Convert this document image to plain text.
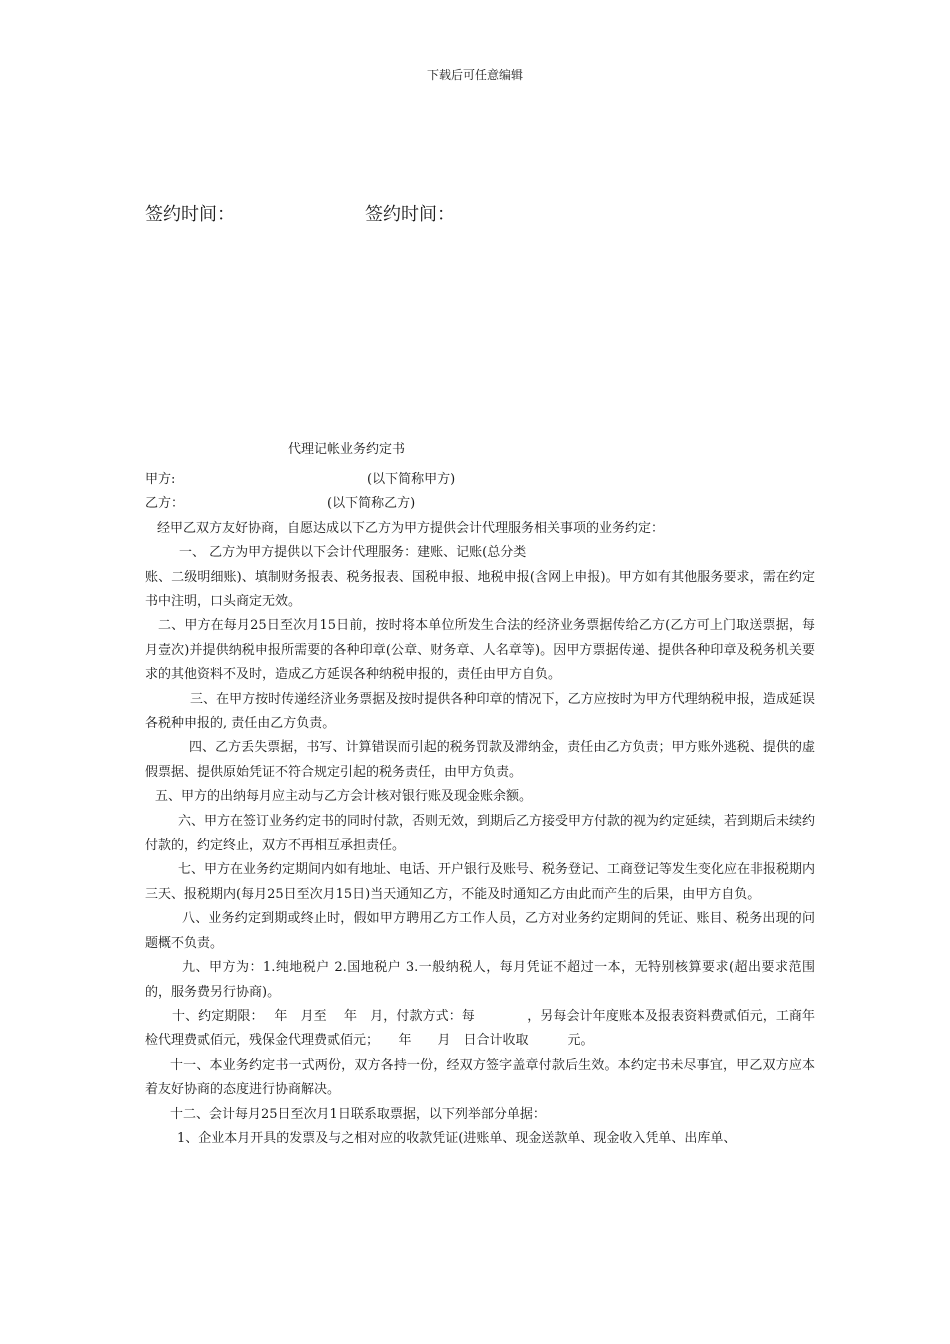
下载后可任意编辑
签约时间：	签约时间：
代理记帐业务约定书
甲方:	(以下简称甲方)
乙方：	(以下简称乙方)

经甲乙双方友好协商，自愿达成以下乙方为甲方提供会计代理服务相关事项的业务约定：

一、 乙方为甲方提供以下会计代理服务：建账、记账(总分类

账、二级明细账)、填制财务报表、税务报表、国税申报、地税申报(含网上申报)。甲方如有其他服务要求，需在约定书中注明，口头商定无效。

二、甲方在每月25日至次月15日前，按时将本单位所发生合法的经济业务票据传给乙方(乙方可上门取送票据，每月壹次)并提供纳税申报所需要的各种印章(公章、财务章、人名章等)。因甲方票据传递、提供各种印章及税务机关要求的其他资料不及时，造成乙方延误各种纳税申报的，责任由甲方自负。

三、在甲方按时传递经济业务票据及按时提供各种印章的情况下，乙方应按时为甲方代理纳税申报，造成延误各税种申报的, 责任由乙方负责。

四、乙方丢失票据，书写、计算错误而引起的税务罚款及滞纳金，责任由乙方负责；甲方账外逃税、提供的虚假票据、提供原始凭证不符合规定引起的税务责任，由甲方负责。

五、甲方的出纳每月应主动与乙方会计核对银行账及现金账余额。

六、甲方在签订业务约定书的同时付款，否则无效，到期后乙方接受甲方付款的视为约定延续，若到期后未续约付款的，约定终止，双方不再相互承担责任。

七、甲方在业务约定期间内如有地址、电话、开户银行及账号、税务登记、工商登记等发生变化应在非报税期内三天、报税期内(每月25日至次月15日)当天通知乙方，不能及时通知乙方由此而产生的后果，由甲方自负。

八、业务约定到期或终止时，假如甲方聘用乙方工作人员，乙方对业务约定期间的凭证、账目、税务出现的问题概不负责。

九、甲方为：1.纯地税户 2.国地税户 3.一般纳税人，每月凭证不超过一本，无特别核算要求(超出要求范围的，服务费另行协商)。

十、约定期限：　 年　月至　 年　月，付款方式：每　　　　，另每会计年度账本及报表资料费贰佰元，工商年检代理费贰佰元，残保金代理费贰佰元；　　年　　月　日合计收取　　　元。

十一、本业务约定书一式两份，双方各持一份，经双方签字盖章付款后生效。本约定书未尽事宜，甲乙双方应本着友好协商的态度进行协商解决。

十二、会计每月25日至次月1日联系取票据，以下列举部分单据：

1、企业本月开具的发票及与之相对应的收款凭证(进账单、现金送款单、现金收入凭单、出库单、
